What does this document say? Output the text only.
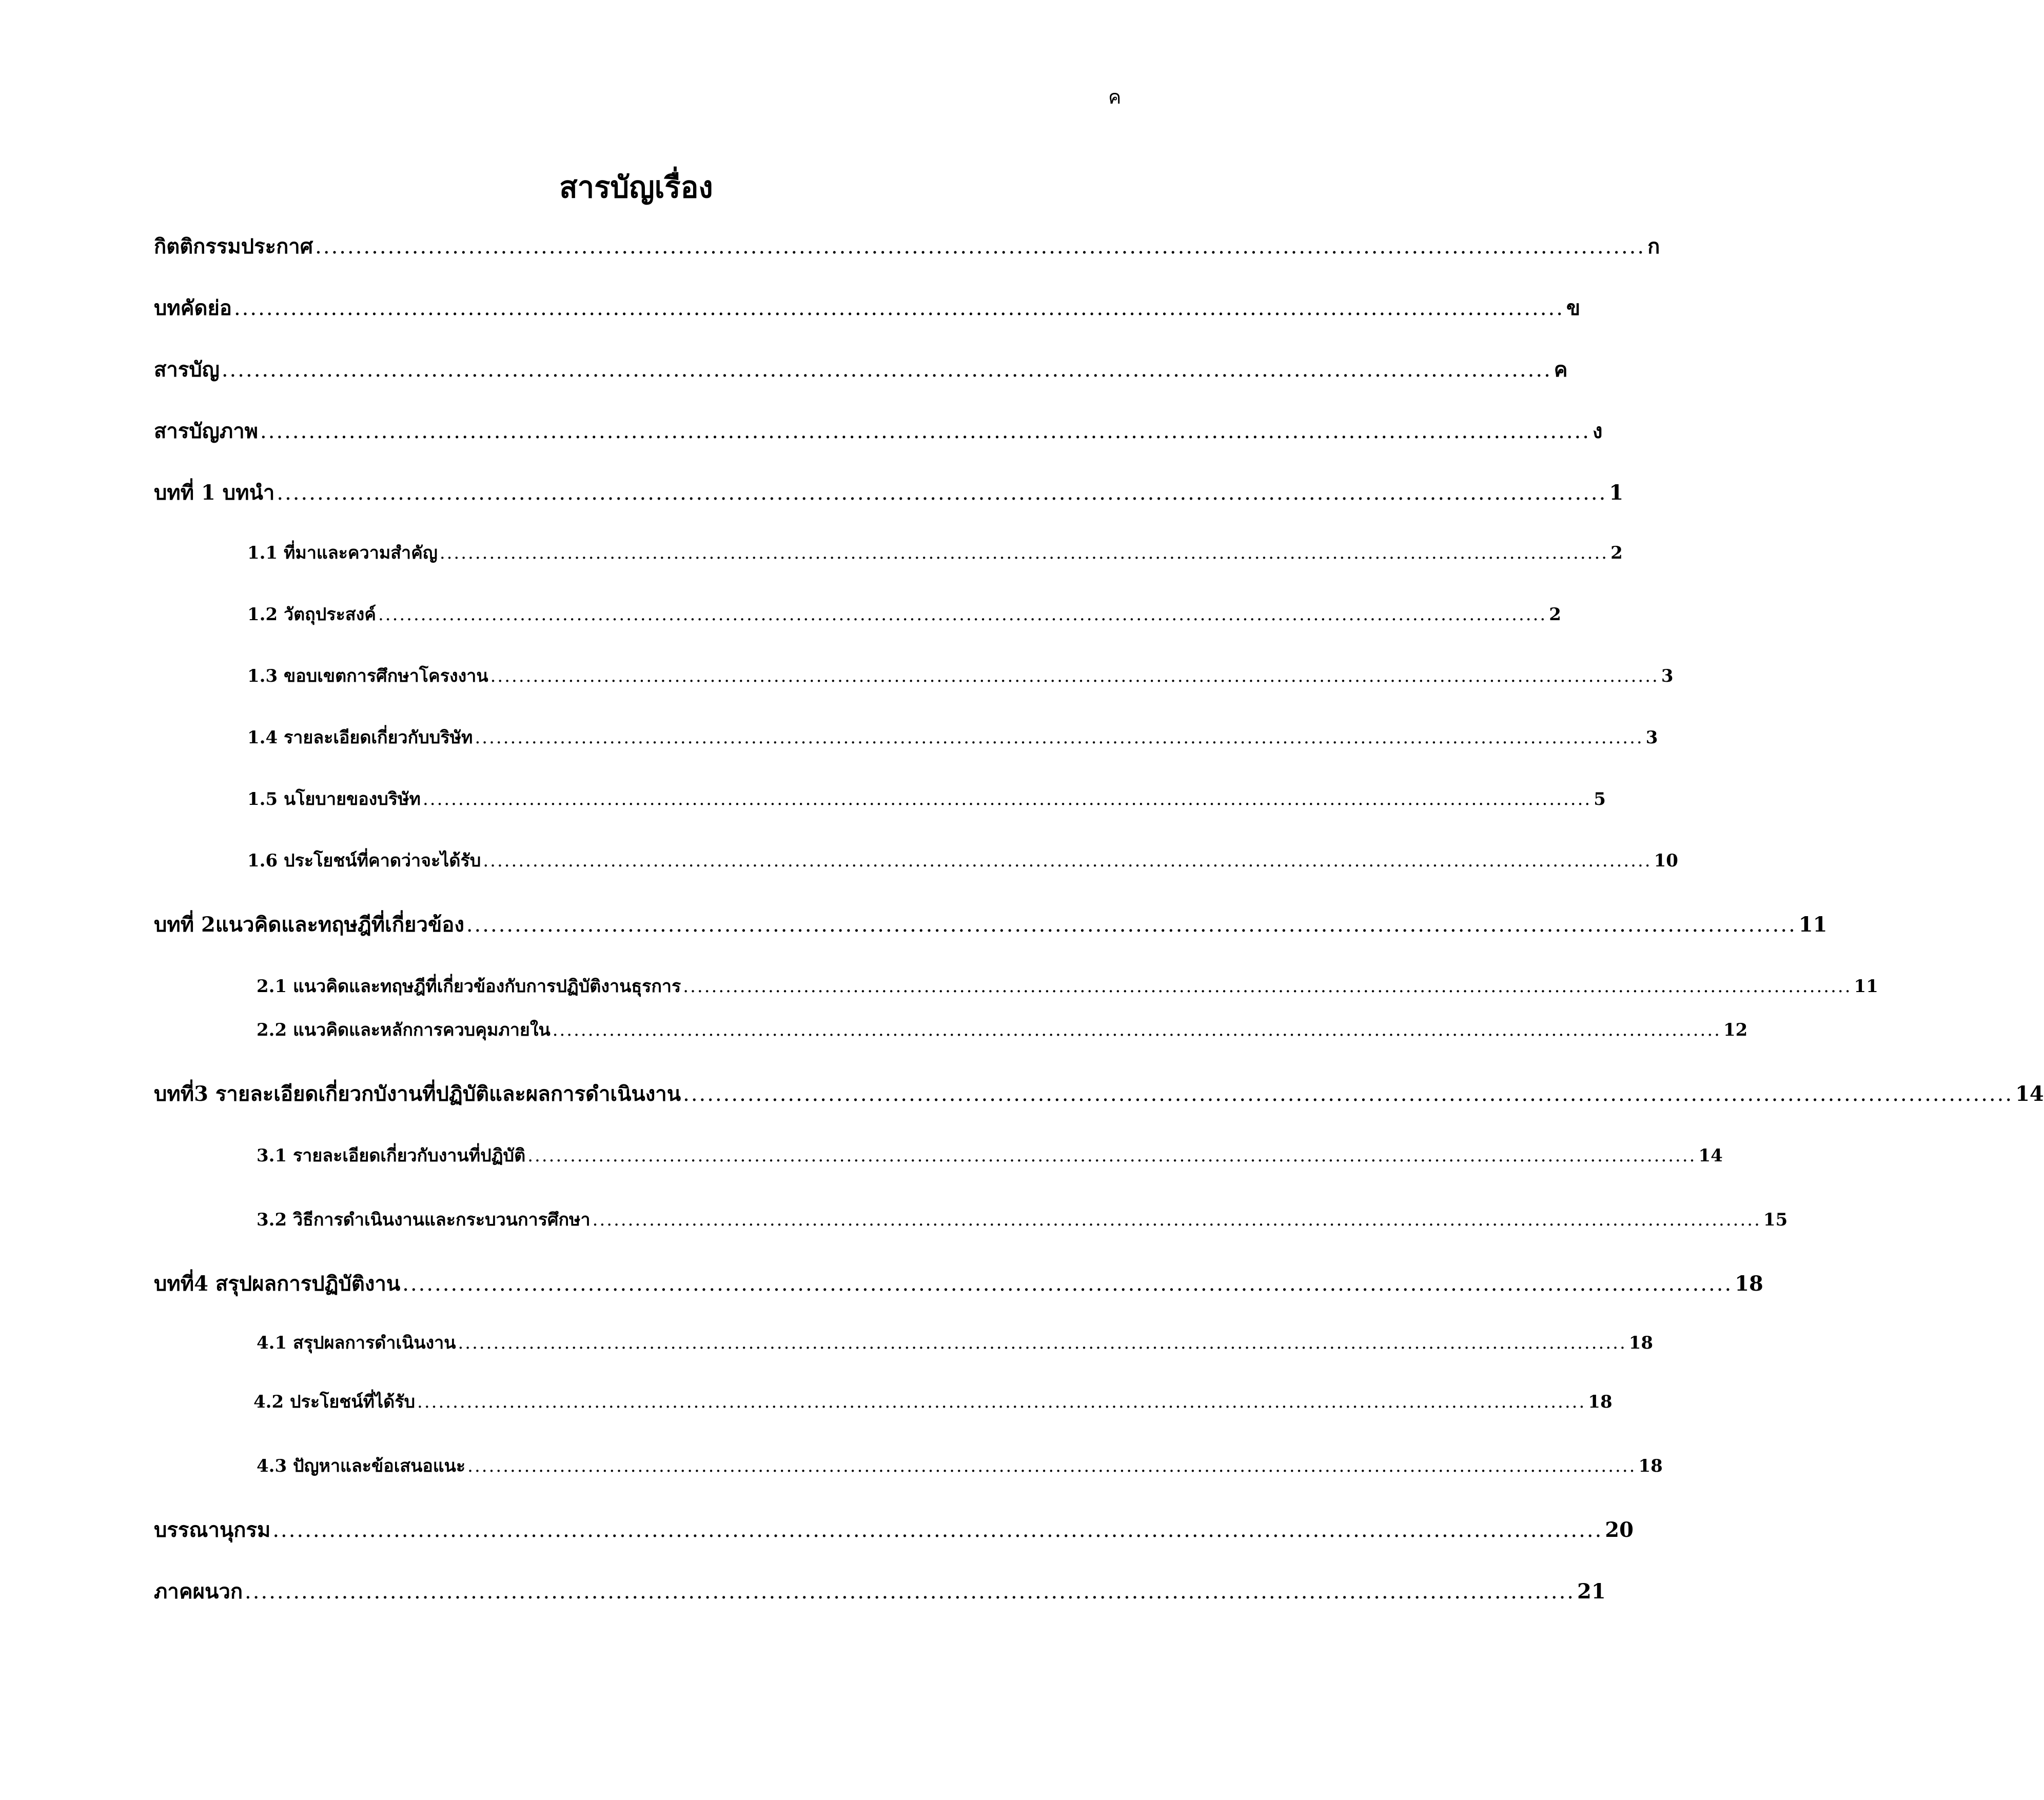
ค
สารบัญเรื่อง
กิตติกรรมประกาศ ..................................................................................................................................................................... ก
บทคัดย่อ ..................................................................................................................................................................... ข
สารบัญ ..................................................................................................................................................................... ค
สารบัญภาพ ..................................................................................................................................................................... ง
บทที่ 1 บทนำ ..................................................................................................................................................................... 1
1.1 ที่มาและความสำคัญ ..................................................................................................................................................................... 2
1.2 วัตถุประสงค์ ..................................................................................................................................................................... 2
1.3 ขอบเขตการศึกษาโครงงาน ..................................................................................................................................................................... 3
1.4 รายละเอียดเกี่ยวกับบริษัท ..................................................................................................................................................................... 3
1.5 นโยบายของบริษัท ..................................................................................................................................................................... 5
1.6 ประโยชน์ที่คาดว่าจะได้รับ ..................................................................................................................................................................... 10
บทที่ 2แนวคิดและทฤษฎีที่เกี่ยวข้อง ..................................................................................................................................................................... 11
2.1 แนวคิดและทฤษฎีที่เกี่ยวข้องกับการปฏิบัติงานธุรการ ..................................................................................................................................................................... 11
2.2 แนวคิดและหลักการควบคุมภายใน ..................................................................................................................................................................... 12
บทที่3 รายละเอียดเกี่ยวกบังานที่ปฏิบัติและผลการดำเนินงาน ..................................................................................................................................................................... 14
3.1 รายละเอียดเกี่ยวกับงานที่ปฏิบัติ ..................................................................................................................................................................... 14
3.2 วิธีการดำเนินงานและกระบวนการศึกษา ..................................................................................................................................................................... 15
บทที่4 สรุปผลการปฏิบัติงาน ..................................................................................................................................................................... 18
4.1 สรุปผลการดำเนินงาน ..................................................................................................................................................................... 18
4.2 ประโยชน์ที่ได้รับ ..................................................................................................................................................................... 18
4.3 ปัญหาและข้อเสนอแนะ ..................................................................................................................................................................... 18
บรรณานุกรม ..................................................................................................................................................................... 20
ภาคผนวก ..................................................................................................................................................................... 21
